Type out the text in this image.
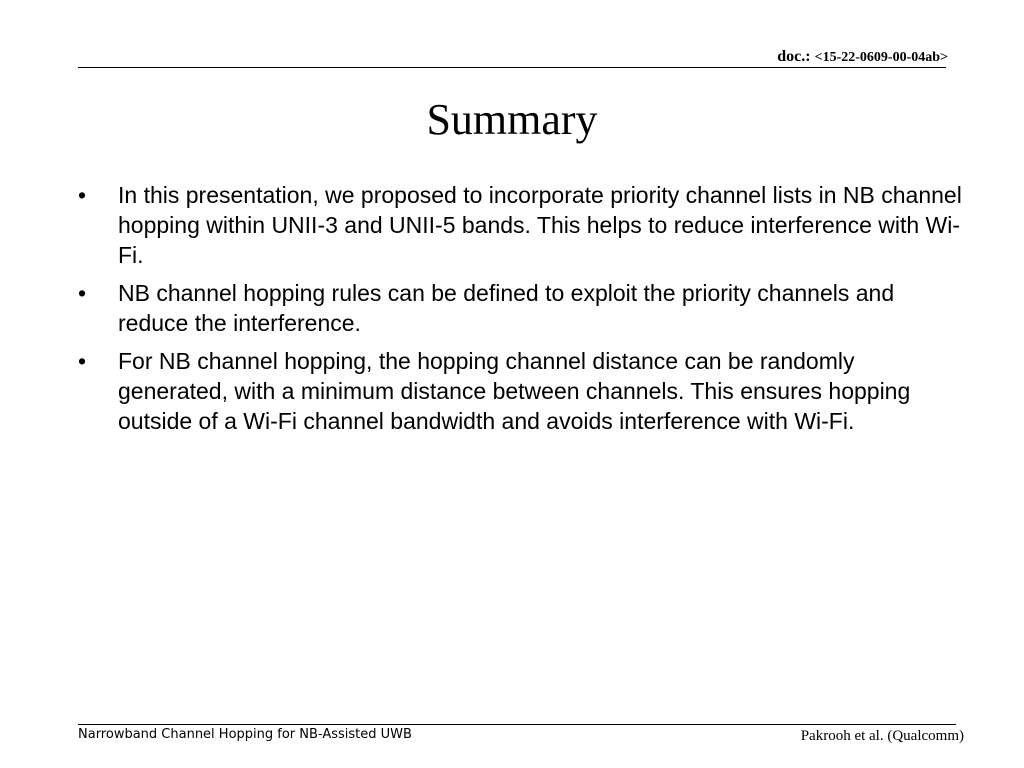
doc.: <15-22-0609-00-04ab>
Summary
•	In this presentation, we proposed to incorporate priority channel lists in NB channel hopping within UNII-3 and UNII-5 bands. This helps to reduce interference with Wi-Fi.
•	NB channel hopping rules can be defined to exploit the priority channels and reduce the interference.
•	For NB channel hopping, the hopping channel distance can be randomly generated, with a minimum distance between channels. This ensures hopping outside of a Wi-Fi channel bandwidth and avoids interference with Wi-Fi.
Narrowband Channel Hopping for NB-Assisted UWB	Pakrooh et al. (Qualcomm)
